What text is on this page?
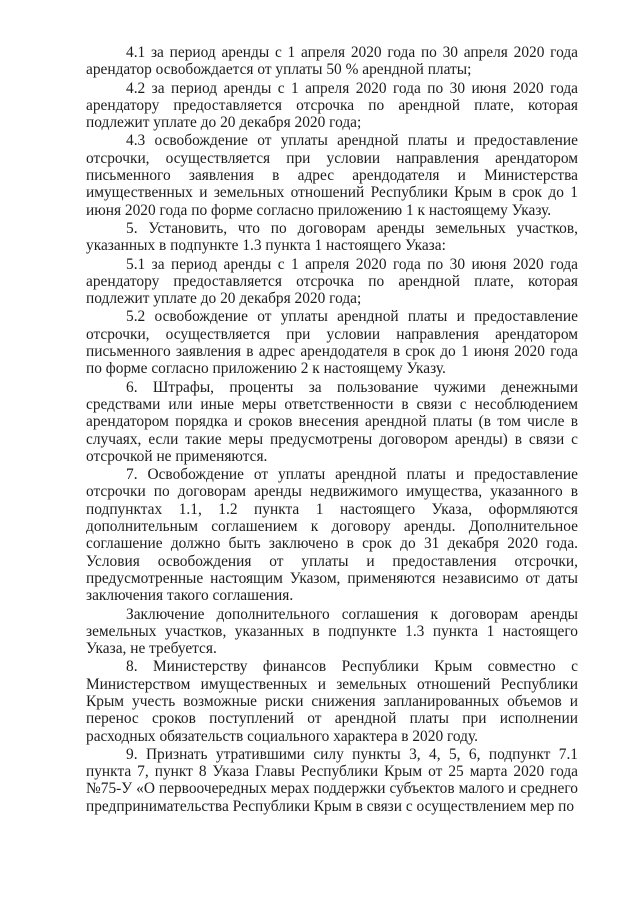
4.1 за период аренды с 1 апреля 2020 года по 30 апреля 2020 года арендатор освобождается от уплаты 50 % арендной платы;

4.2 за период аренды с 1 апреля 2020 года по 30 июня 2020 года арендатору предоставляется отсрочка по арендной плате, которая подлежит уплате до 20 декабря 2020 года;

4.3 освобождение от уплаты арендной платы и предоставление отсрочки, осуществляется при условии направления арендатором письменного заявления в адрес арендодателя и Министерства имущественных и земельных отношений Республики Крым в срок до 1 июня 2020 года по форме согласно приложению 1 к настоящему Указу.

5. Установить, что по договорам аренды земельных участков, указанных в подпункте 1.3 пункта 1 настоящего Указа:

5.1 за период аренды с 1 апреля 2020 года по 30 июня 2020 года арендатору предоставляется отсрочка по арендной плате, которая подлежит уплате до 20 декабря 2020 года;

5.2 освобождение от уплаты арендной платы и предоставление отсрочки, осуществляется при условии направления арендатором письменного заявления в адрес арендодателя в срок до 1 июня 2020 года по форме согласно приложению 2 к настоящему Указу.

6. Штрафы, проценты за пользование чужими денежными средствами или иные меры ответственности в связи с несоблюдением арендатором порядка и сроков внесения арендной платы (в том числе в случаях, если такие меры предусмотрены договором аренды) в связи с отсрочкой не применяются.

7. Освобождение от уплаты арендной платы и предоставление отсрочки по договорам аренды недвижимого имущества, указанного в подпунктах 1.1, 1.2 пункта 1 настоящего Указа, оформляются дополнительным соглашением к договору аренды. Дополнительное соглашение должно быть заключено в срок до 31 декабря 2020 года. Условия освобождения от уплаты и предоставления отсрочки, предусмотренные настоящим Указом, применяются независимо от даты заключения такого соглашения.

Заключение дополнительного соглашения к договорам аренды земельных участков, указанных в подпункте 1.3 пункта 1 настоящего Указа, не требуется.

8. Министерству финансов Республики Крым совместно с Министерством имущественных и земельных отношений Республики Крым учесть возможные риски снижения запланированных объемов и перенос сроков поступлений от арендной платы при исполнении расходных обязательств социального характера в 2020 году.

9. Признать утратившими силу пункты 3, 4, 5, 6, подпункт 7.1 пункта 7, пункт 8 Указа Главы Республики Крым от 25 марта 2020 года №75-У «О первоочередных мерах поддержки субъектов малого и среднего предпринимательства Республики Крым в связи с осуществлением мер по
